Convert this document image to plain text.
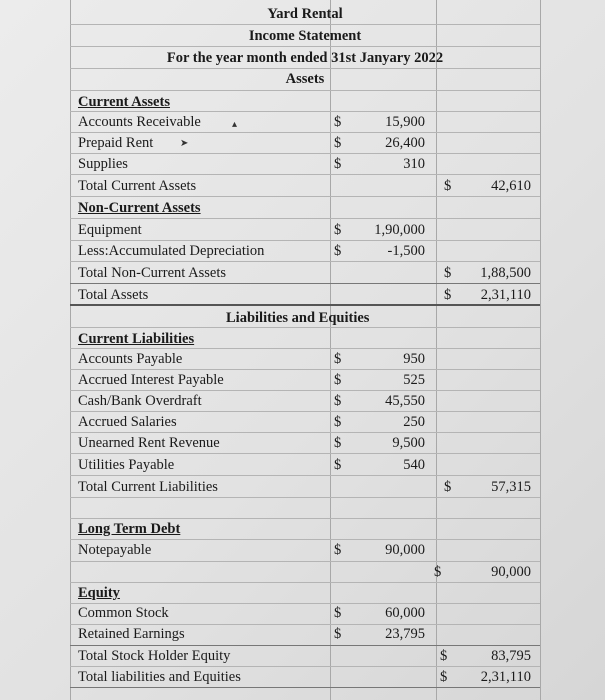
Yard Rental
Income Statement
For the year month ended 31st Janyary 2022
Assets
Current Assets
Accounts Receivable	$	15,900
▴
Prepaid Rent	➤	$	26,400
Supplies	$	310
Total Current Assets	$	42,610
Non-Current Assets
Equipment	$ 1,90,000
Less:Accumulated Depreciation	$	-1,500
Total Non-Current Assets	$ 1,88,500
Total Assets	$ 2,31,110
Liabilities and Equities
Current Liabilities
Accounts Payable	$	950
Accrued Interest Payable	$	525
Cash/Bank Overdraft	$	45,550
Accrued Salaries	$	250
Unearned Rent Revenue	$	9,500
Utilities Payable	$	540
Total Current Liabilities	$	57,315
Long Term Debt
Notepayable	$	90,000
$	90,000
Equity
Common Stock	$	60,000
Retained Earnings	$	23,795
Total Stock Holder Equity	$	83,795
Total liabilities and Equities	$ 2,31,110
